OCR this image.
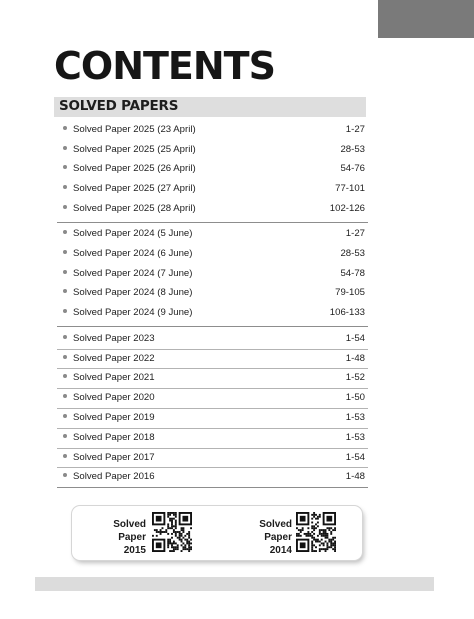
CONTENTS
SOLVED PAPERS
Solved Paper 2025 (23 April)	1-27
Solved Paper 2025 (25 April)	28-53
Solved Paper 2025 (26 April)	54-76
Solved Paper 2025 (27 April)	77-101
Solved Paper 2025 (28 April)	102-126
Solved Paper 2024 (5 June)	1-27
Solved Paper 2024 (6 June)	28-53
Solved Paper 2024 (7 June)	54-78
Solved Paper 2024 (8 June)	79-105
Solved Paper 2024 (9 June)	106-133
Solved Paper 2023	1-54
Solved Paper 2022	1-48
Solved Paper 2021	1-52
Solved Paper 2020	1-50
Solved Paper 2019	1-53
Solved Paper 2018	1-53
Solved Paper 2017	1-54
Solved Paper 2016	1-48
Solved Paper
2015
Solved Paper
2014
